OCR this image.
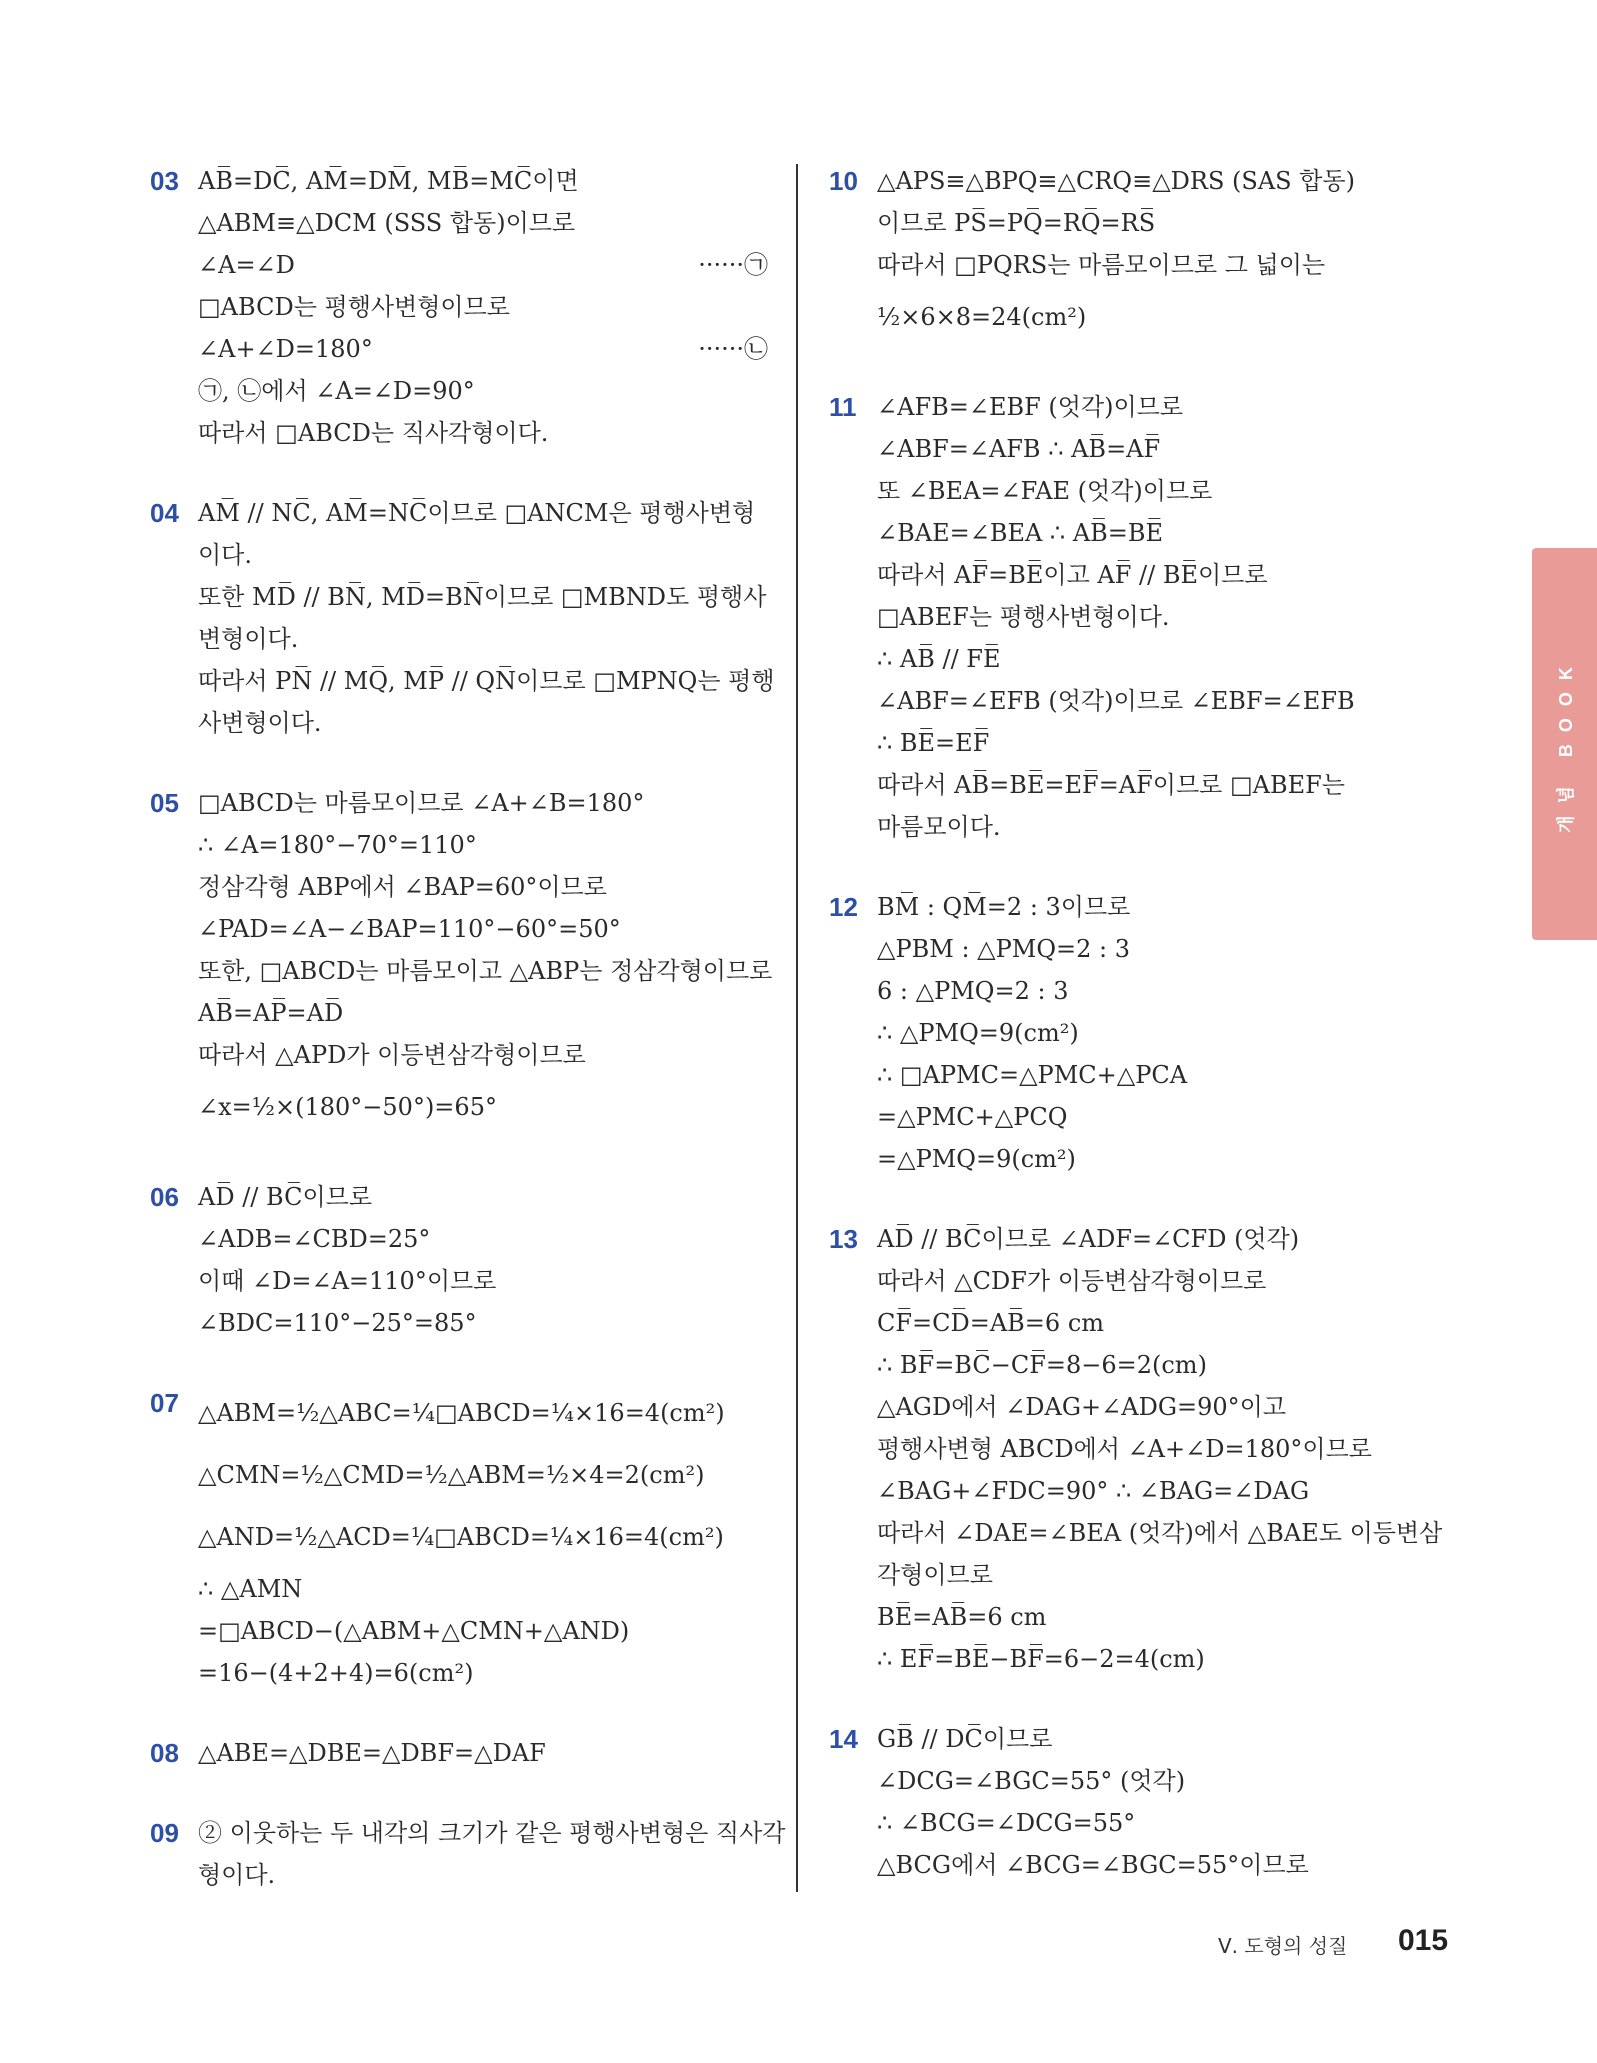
03 AB̅=DC̅, AM̅=DM̅, MB̅=MC̅이면
△ABM≡△DCM (SSS 합동)이므로
∠A=∠D	······㉠
□ABCD는 평행사변형이므로
∠A+∠D=180°	······㉡
㉠, ㉡에서 ∠A=∠D=90°
따라서 □ABCD는 직사각형이다.
04 AM̅ // NC̅, AM̅=NC̅이므로 □ANCM은 평행사변형
이다.
또한 MD̅ // BN̅, MD̅=BN̅이므로 □MBND도 평행사
변형이다.
따라서 PN̅ // MQ̅, MP̅ // QN̅이므로 □MPNQ는 평행
사변형이다.
05 □ABCD는 마름모이므로 ∠A+∠B=180°
∴ ∠A=180°−70°=110°
정삼각형 ABP에서 ∠BAP=60°이므로
∠PAD=∠A−∠BAP=110°−60°=50°
또한, □ABCD는 마름모이고 △ABP는 정삼각형이므로
AB̅=AP̅=AD̅
따라서 △APD가 이등변삼각형이므로
∠x=½×(180°−50°)=65°
06 AD̅ // BC̅이므로
∠ADB=∠CBD=25°
이때 ∠D=∠A=110°이므로
∠BDC=110°−25°=85°
07 △ABM=½△ABC=¼□ABCD=¼×16=4(cm²)
△CMN=½△CMD=½△ABM=½×4=2(cm²)
△AND=½△ACD=¼□ABCD=¼×16=4(cm²)
∴ △AMN
=□ABCD−(△ABM+△CMN+△AND)
=16−(4+2+4)=6(cm²)
08 △ABE=△DBE=△DBF=△DAF
09 ② 이웃하는 두 내각의 크기가 같은 평행사변형은 직사각
형이다.
10 △APS≡△BPQ≡△CRQ≡△DRS (SAS 합동)
이므로 PS̅=PQ̅=RQ̅=RS̅
따라서 □PQRS는 마름모이므로 그 넓이는
½×6×8=24(cm²)
11 ∠AFB=∠EBF (엇각)이므로
∠ABF=∠AFB ∴ AB̅=AF̅
또 ∠BEA=∠FAE (엇각)이므로
∠BAE=∠BEA ∴ AB̅=BE̅
따라서 AF̅=BE̅이고 AF̅ // BE̅이므로
□ABEF는 평행사변형이다.
∴ AB̅ // FE̅
∠ABF=∠EFB (엇각)이므로 ∠EBF=∠EFB
∴ BE̅=EF̅
따라서 AB̅=BE̅=EF̅=AF̅이므로 □ABEF는
마름모이다.
12 BM̅ : QM̅=2 : 3이므로
△PBM : △PMQ=2 : 3
6 : △PMQ=2 : 3
∴ △PMQ=9(cm²)
∴ □APMC=△PMC+△PCA
=△PMC+△PCQ
=△PMQ=9(cm²)
13 AD̅ // BC̅이므로 ∠ADF=∠CFD (엇각)
따라서 △CDF가 이등변삼각형이므로
CF̅=CD̅=AB̅=6 cm
∴ BF̅=BC̅−CF̅=8−6=2(cm)
△AGD에서 ∠DAG+∠ADG=90°이고
평행사변형 ABCD에서 ∠A+∠D=180°이므로
∠BAG+∠FDC=90° ∴ ∠BAG=∠DAG
따라서 ∠DAE=∠BEA (엇각)에서 △BAE도 이등변삼
각형이므로
BE̅=AB̅=6 cm
∴ EF̅=BE̅−BF̅=6−2=4(cm)
14 GB̅ // DC̅이므로
∠DCG=∠BGC=55° (엇각)
∴ ∠BCG=∠DCG=55°
△BCG에서 ∠BCG=∠BGC=55°이므로
개념 BOOK
Ⅴ. 도형의 성질 015
